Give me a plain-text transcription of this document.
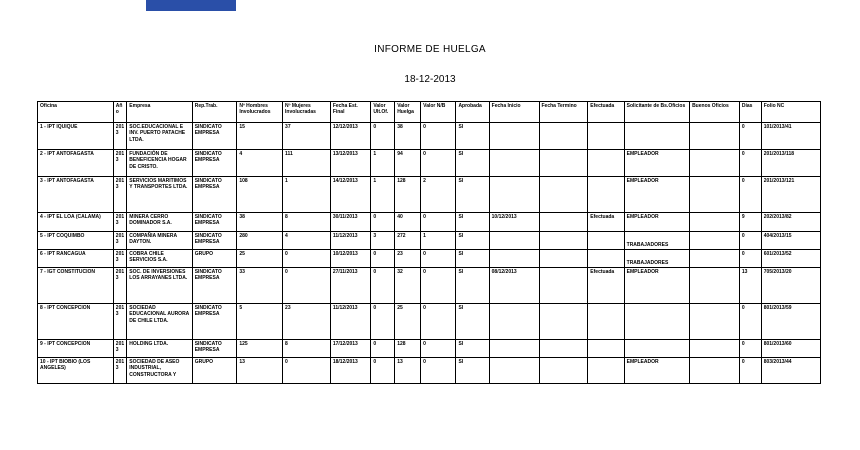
Gobierno de Chile
INFORME DE HUELGA
18-12-2013
Oficina	Año	Empresa	Rep.Trab.	Nº Hombres Involucrados	Nº Mujeres Involucradas	Fecha Est. Final	Valor Ult.Of.	Valor Huelga	Valor N/B	Aprobada	Fecha Inicio	Fecha Termino	Efectuada	Solicitante de Bs.Oficios	Buenos Oficios	Días	Folio NC
1 - IPT IQUIQUE	2013	SOC.EDUCACIONAL E INV. PUERTO PATACHE LTDA.	SINDICATO EMPRESA	15	37	12/12/2013	0	38	0	SI						0	101/2013/41
2 - IPT ANTOFAGASTA	2013	FUNDACIÓN DE BENEFICENCIA HOGAR DE CRISTO.	SINDICATO EMPRESA	4	111	13/12/2013	1	94	0	SI				EMPLEADOR		0	201/2013/118
3 - IPT ANTOFAGASTA	2013	SERVICIOS MARITIMOS Y TRANSPORTES LTDA.	SINDICATO EMPRESA	108	1	14/12/2013	1	128	2	SI				EMPLEADOR		0	201/2013/121
4 - IPT EL LOA (CALAMA)	2013	MINERA CERRO DOMINADOR S.A.	SINDICATO EMPRESA	38	8	30/11/2013	0	40	0	SI	10/12/2013		Efectuada	EMPLEADOR		9	202/2013/82
5 - IPT COQUIMBO	2013	COMPAÑIA MINERA DAYTON.	SINDICATO EMPRESA	280	4	11/12/2013	3	272	1	SI				TRABAJADORES		0	404/2013/15
6 - IPT RANCAGUA	2013	COBRA CHILE SERVICIOS S.A.	GRUPO	25	0	10/12/2013	0	23	0	SI				TRABAJADORES		0	601/2013/52
7 - IGT CONSTITUCION	2013	SOC. DE INVERSIONES LOS ARRAYANES LTDA.	SINDICATO EMPRESA	33	0	27/11/2013	0	32	0	SI	08/12/2013		Efectuada	EMPLEADOR		13	705/2013/20
8 - IPT CONCEPCION	2013	SOCIEDAD EDUCACIONAL AURORA DE CHILE LTDA.	SINDICATO EMPRESA	5	23	11/12/2013	0	25	0	SI						0	801/2013/59
9 - IPT CONCEPCION	2013	HOLDING LTDA.	SINDICATO EMPRESA	125	8	17/12/2013	0	128	0	SI						0	801/2013/60
10 - IPT BIOBIO (LOS ANGELES)	2013	SOCIEDAD DE ASEO INDUSTRIAL, CONSTRUCTORA Y	GRUPO	13	0	18/12/2013	0	13	0	SI				EMPLEADOR		0	803/2013/44
